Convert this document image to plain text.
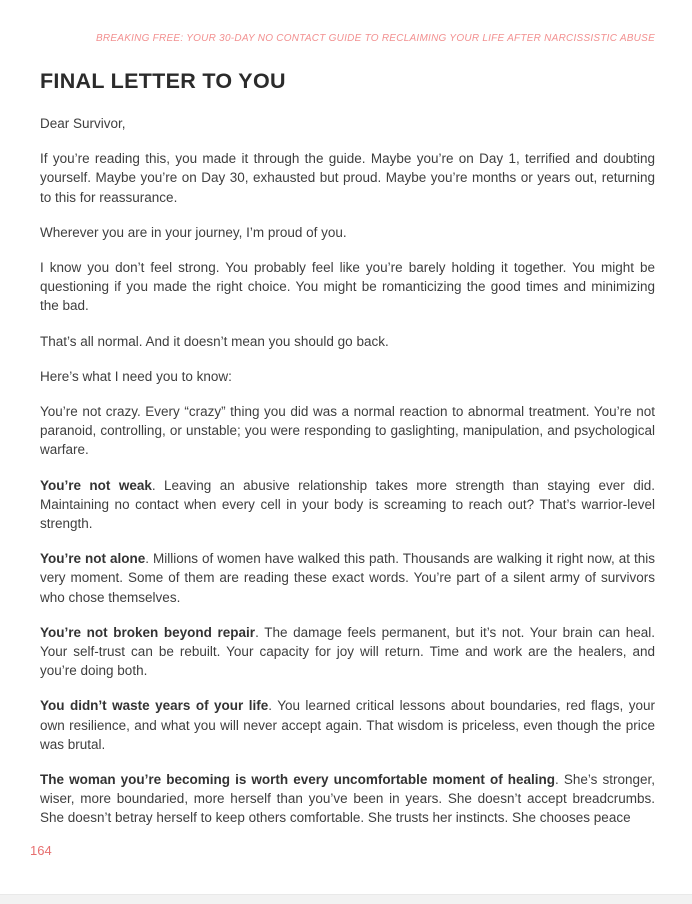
BREAKING FREE: YOUR 30-DAY NO CONTACT GUIDE TO RECLAIMING YOUR LIFE AFTER NARCISSISTIC ABUSE
FINAL LETTER TO YOU

Dear Survivor,

If you’re reading this, you made it through the guide. Maybe you’re on Day 1, terrified and doubting yourself. Maybe you’re on Day 30, exhausted but proud. Maybe you’re months or years out, returning to this for reassurance.

Wherever you are in your journey, I’m proud of you.

I know you don’t feel strong. You probably feel like you’re barely holding it together. You might be questioning if you made the right choice. You might be romanticizing the good times and minimizing the bad.

That’s all normal. And it doesn’t mean you should go back.

Here’s what I need you to know:

You’re not crazy. Every “crazy” thing you did was a normal reaction to abnormal treatment. You’re not paranoid, controlling, or unstable; you were responding to gaslighting, manipulation, and psychological warfare.

You’re not weak. Leaving an abusive relationship takes more strength than staying ever did. Maintaining no contact when every cell in your body is screaming to reach out? That’s warrior-level strength.

You’re not alone. Millions of women have walked this path. Thousands are walking it right now, at this very moment. Some of them are reading these exact words. You’re part of a silent army of survivors who chose themselves.

You’re not broken beyond repair. The damage feels permanent, but it’s not. Your brain can heal. Your self-trust can be rebuilt. Your capacity for joy will return. Time and work are the healers, and you’re doing both.

You didn’t waste years of your life. You learned critical lessons about boundaries, red flags, your own resilience, and what you will never accept again. That wisdom is priceless, even though the price was brutal.

The woman you’re becoming is worth every uncomfortable moment of healing. She’s stronger, wiser, more boundaried, more herself than you’ve been in years. She doesn’t accept breadcrumbs. She doesn’t betray herself to keep others comfortable. She trusts her instincts. She chooses peace

164
